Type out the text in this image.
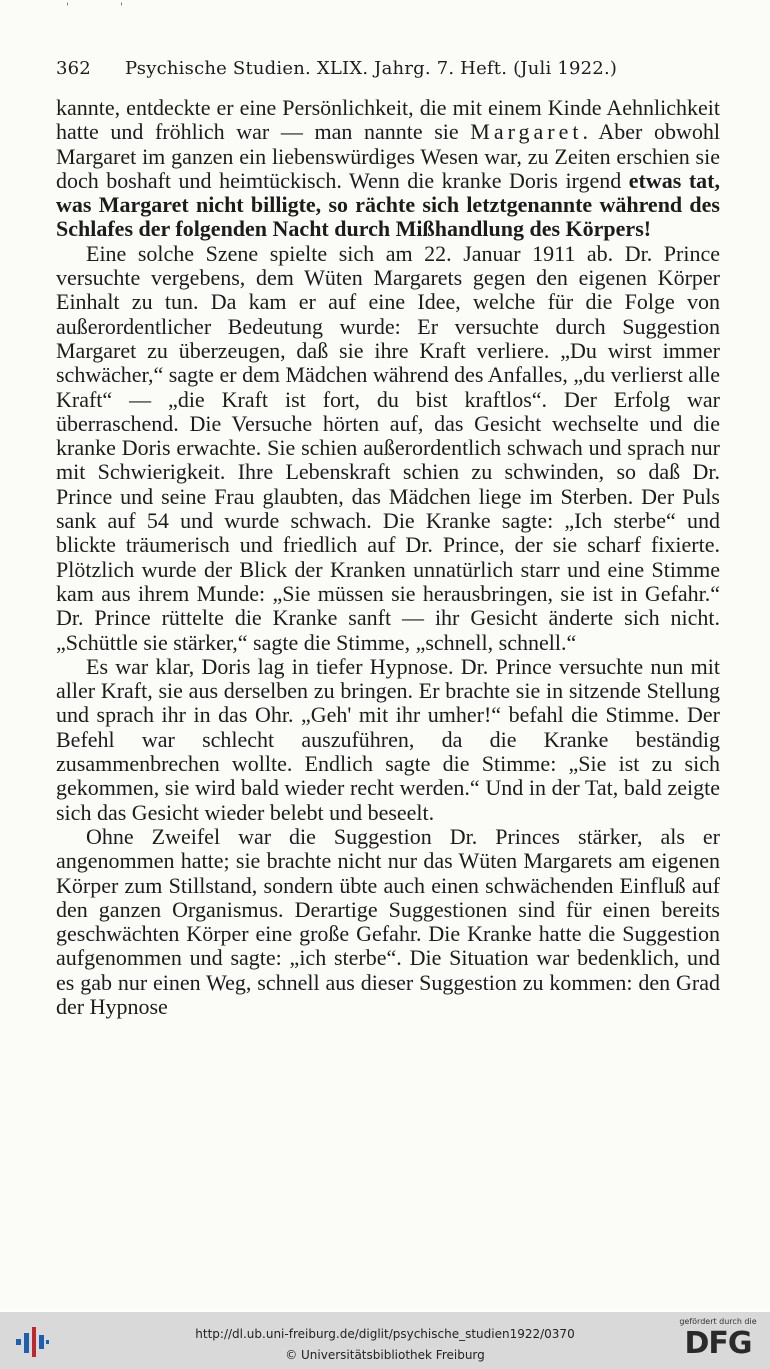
'	'
362 Psychische Studien. XLIX. Jahrg. 7. Heft. (Juli 1922.)

kannte, entdeckte er eine Persönlichkeit, die mit einem Kinde Aehnlichkeit hatte und fröhlich war — man nannte sie Margaret. Aber obwohl Margaret im ganzen ein liebenswürdiges Wesen war, zu Zeiten erschien sie doch boshaft und heimtückisch. Wenn die kranke Doris irgend etwas tat, was Margaret nicht billigte, so rächte sich letztgenannte während des Schlafes der folgenden Nacht durch Mißhandlung des Körpers!

Eine solche Szene spielte sich am 22. Januar 1911 ab. Dr. Prince versuchte vergebens, dem Wüten Margarets gegen den eigenen Körper Einhalt zu tun. Da kam er auf eine Idee, welche für die Folge von außerordentlicher Bedeutung wurde: Er versuchte durch Suggestion Margaret zu überzeugen, daß sie ihre Kraft verliere. „Du wirst immer schwächer,“ sagte er dem Mädchen während des Anfalles, „du verlierst alle Kraft“ — „die Kraft ist fort, du bist kraftlos“. Der Erfolg war überraschend. Die Versuche hörten auf, das Gesicht wechselte und die kranke Doris erwachte. Sie schien außerordentlich schwach und sprach nur mit Schwierigkeit. Ihre Lebenskraft schien zu schwinden, so daß Dr. Prince und seine Frau glaubten, das Mädchen liege im Sterben. Der Puls sank auf 54 und wurde schwach. Die Kranke sagte: „Ich sterbe“ und blickte träumerisch und friedlich auf Dr. Prince, der sie scharf fixierte. Plötzlich wurde der Blick der Kranken unnatürlich starr und eine Stimme kam aus ihrem Munde: „Sie müssen sie herausbringen, sie ist in Gefahr.“ Dr. Prince rüttelte die Kranke sanft — ihr Gesicht änderte sich nicht. „Schüttle sie stärker,“ sagte die Stimme, „schnell, schnell.“

Es war klar, Doris lag in tiefer Hypnose. Dr. Prince versuchte nun mit aller Kraft, sie aus derselben zu bringen. Er brachte sie in sitzende Stellung und sprach ihr in das Ohr. „Geh' mit ihr umher!“ befahl die Stimme. Der Befehl war schlecht auszuführen, da die Kranke beständig zusammenbrechen wollte. Endlich sagte die Stimme: „Sie ist zu sich gekommen, sie wird bald wieder recht werden.“ Und in der Tat, bald zeigte sich das Gesicht wieder belebt und beseelt.

Ohne Zweifel war die Suggestion Dr. Princes stärker, als er angenommen hatte; sie brachte nicht nur das Wüten Margarets am eigenen Körper zum Stillstand, sondern übte auch einen schwächenden Einfluß auf den ganzen Organismus. Derartige Suggestionen sind für einen bereits geschwächten Körper eine große Gefahr. Die Kranke hatte die Suggestion aufgenommen und sagte: „ich sterbe“. Die Situation war bedenklich, und es gab nur einen Weg, schnell aus dieser Suggestion zu kommen: den Grad der Hypnose

http://dl.ub.uni-freiburg.de/diglit/psychische_studien1922/0370
© Universitätsbibliothek Freiburg
gefördert durch die
DFG
